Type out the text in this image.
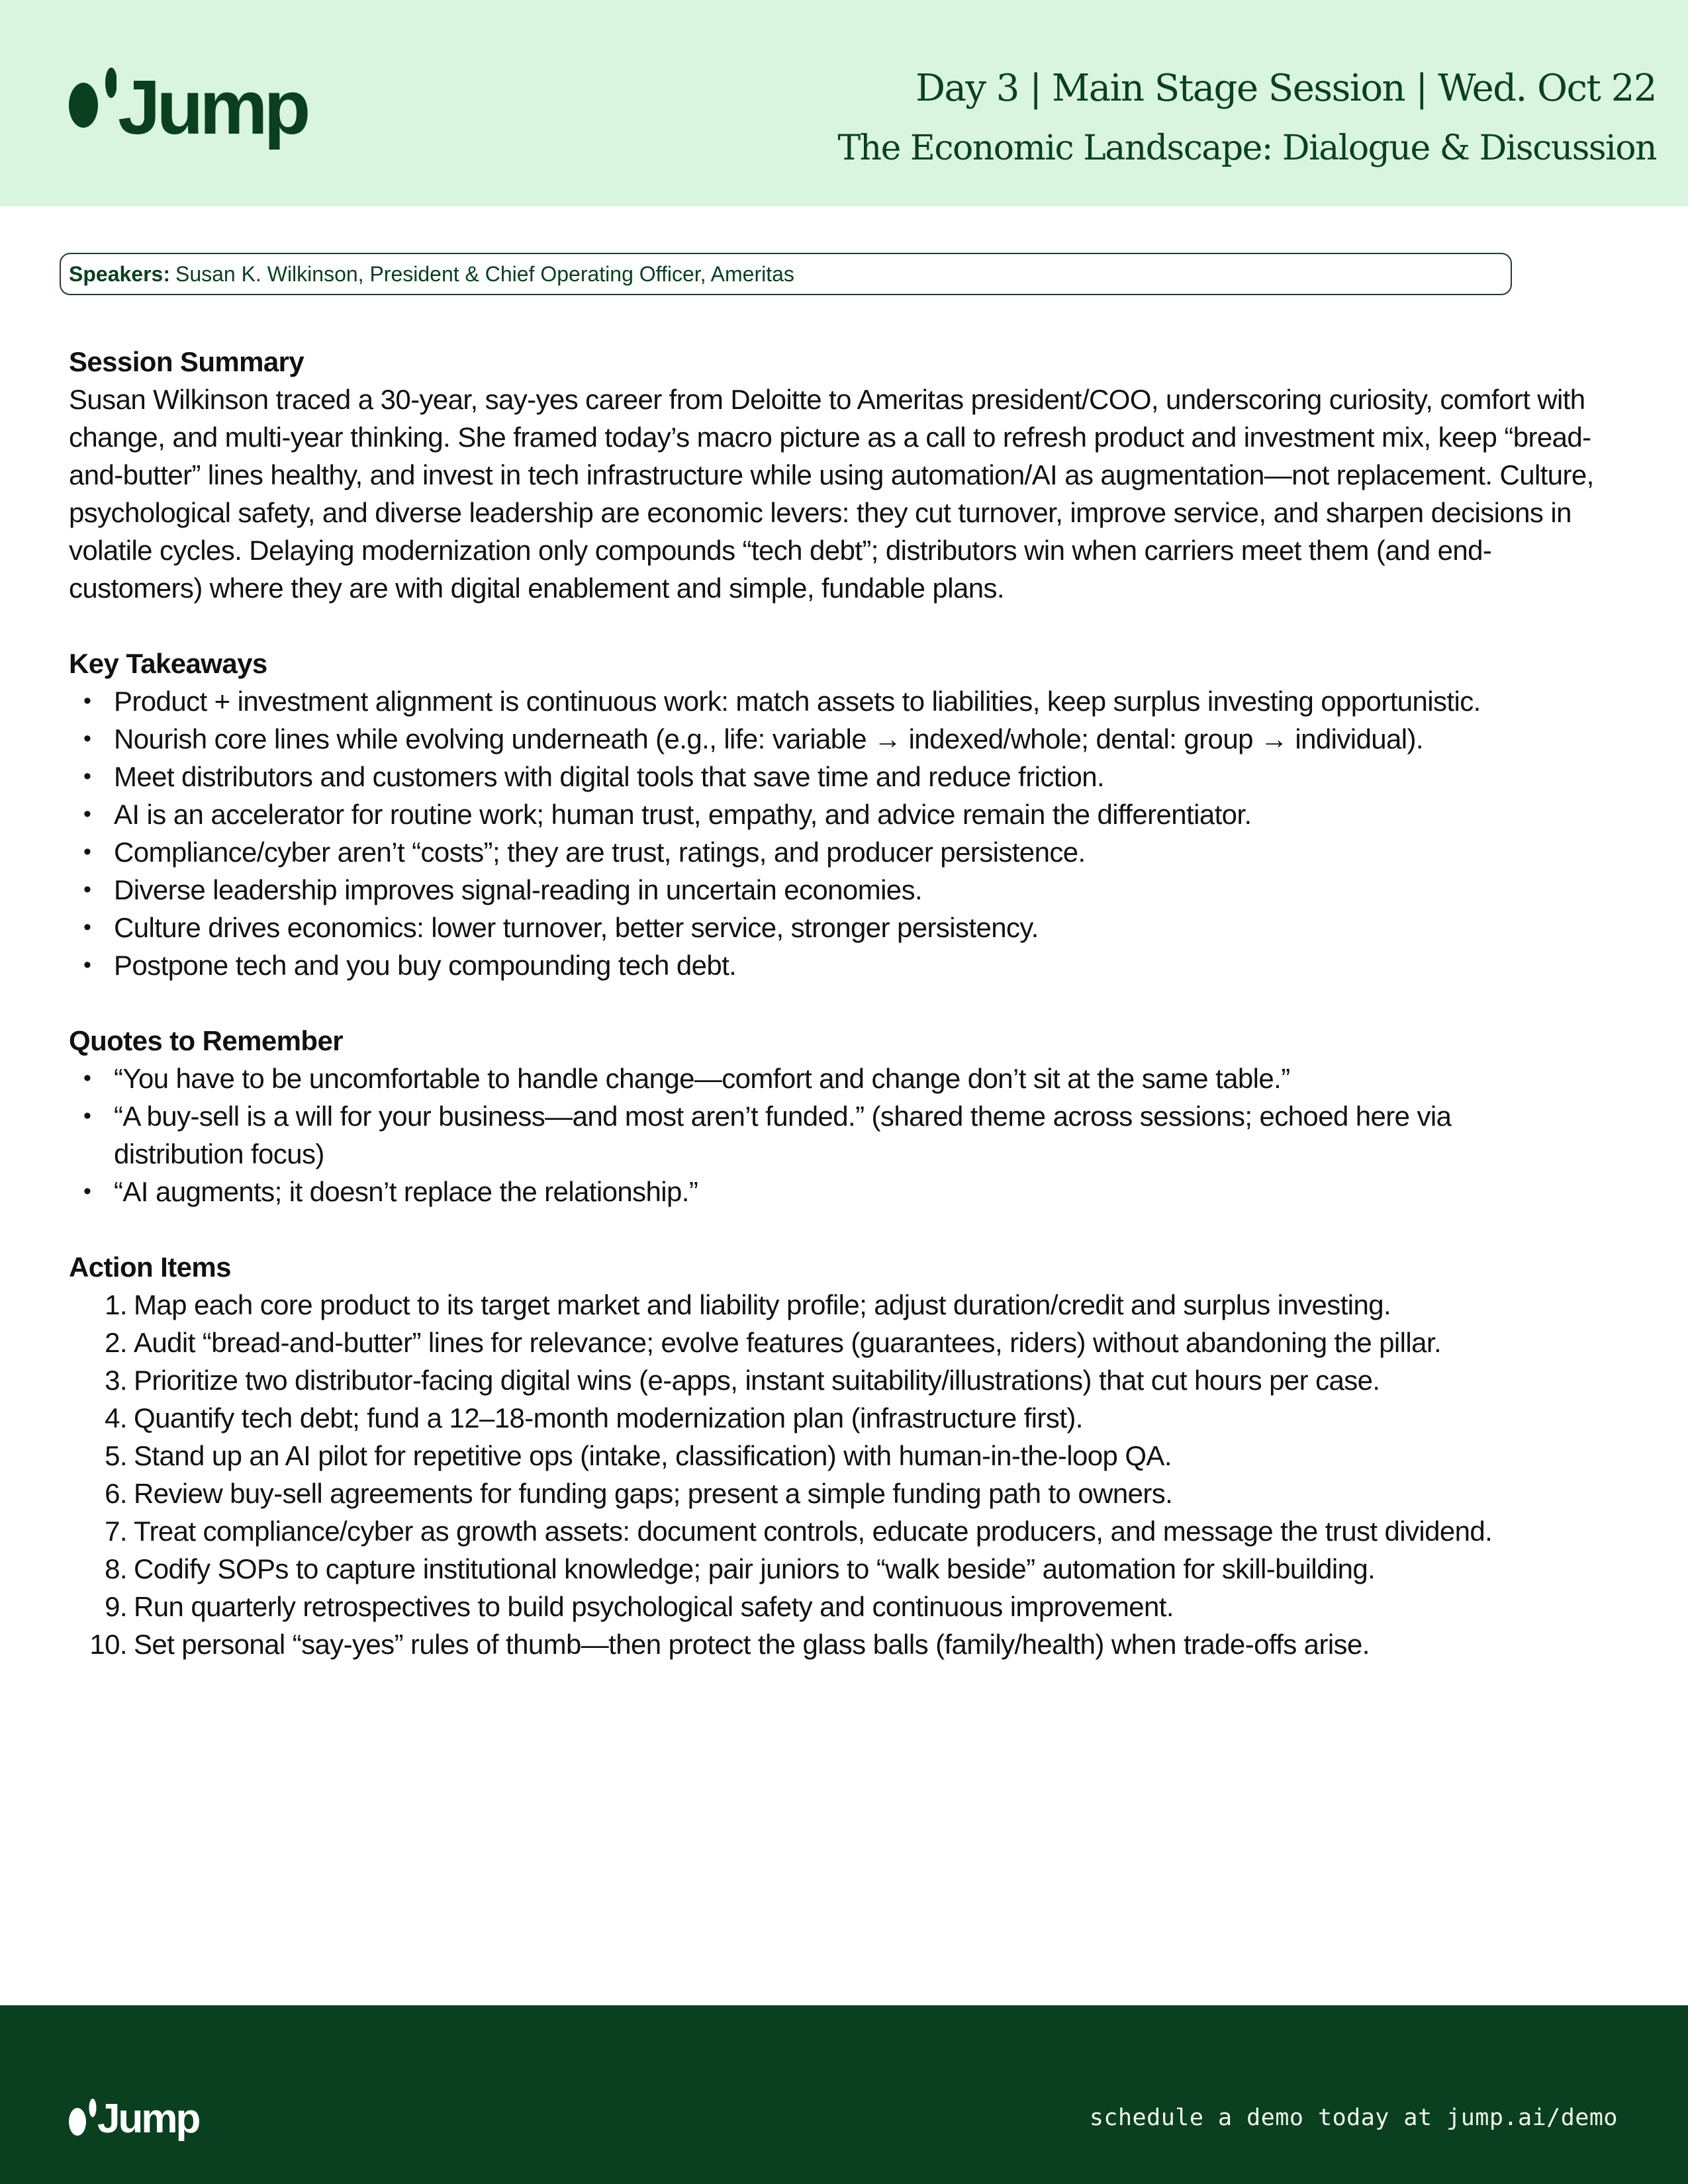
Jump	Day 3 | Main Stage Session | Wed. Oct 22
The Economic Landscape: Dialogue & Discussion
Speakers: Susan K. Wilkinson, President & Chief Operating Officer, Ameritas
Session Summary

Susan Wilkinson traced a 30-year, say-yes career from Deloitte to Ameritas president/COO, underscoring curiosity, comfort with change, and multi-year thinking. She framed today’s macro picture as a call to refresh product and investment mix, keep “bread-and-butter” lines healthy, and invest in tech infrastructure while using automation/AI as augmentation—not replacement. Culture, psychological safety, and diverse leadership are economic levers: they cut turnover, improve service, and sharpen decisions in volatile cycles. Delaying modernization only compounds “tech debt”; distributors win when carriers meet them (and end-customers) where they are with digital enablement and simple, fundable plans.

Key Takeaways
• Product + investment alignment is continuous work: match assets to liabilities, keep surplus investing opportunistic.
• Nourish core lines while evolving underneath (e.g., life: variable → indexed/whole; dental: group → individual).
• Meet distributors and customers with digital tools that save time and reduce friction.
• AI is an accelerator for routine work; human trust, empathy, and advice remain the differentiator.
• Compliance/cyber aren’t “costs”; they are trust, ratings, and producer persistence.
• Diverse leadership improves signal-reading in uncertain economies.
• Culture drives economics: lower turnover, better service, stronger persistency.
• Postpone tech and you buy compounding tech debt.
Quotes to Remember
• “You have to be uncomfortable to handle change—comfort and change don’t sit at the same table.”
• “A buy-sell is a will for your business—and most aren’t funded.” (shared theme across sessions; echoed here via distribution focus)
• “AI augments; it doesn’t replace the relationship.”
Action Items
1. Map each core product to its target market and liability profile; adjust duration/credit and surplus investing.
2. Audit “bread-and-butter” lines for relevance; evolve features (guarantees, riders) without abandoning the pillar.
3. Prioritize two distributor-facing digital wins (e-apps, instant suitability/illustrations) that cut hours per case.
4. Quantify tech debt; fund a 12–18-month modernization plan (infrastructure first).
5. Stand up an AI pilot for repetitive ops (intake, classification) with human-in-the-loop QA.
6. Review buy-sell agreements for funding gaps; present a simple funding path to owners.
7. Treat compliance/cyber as growth assets: document controls, educate producers, and message the trust dividend.
8. Codify SOPs to capture institutional knowledge; pair juniors to “walk beside” automation for skill-building.
9. Run quarterly retrospectives to build psychological safety and continuous improvement.
10. Set personal “say-yes” rules of thumb—then protect the glass balls (family/health) when trade-offs arise.
Jump	schedule a demo today at jump.ai/demo
